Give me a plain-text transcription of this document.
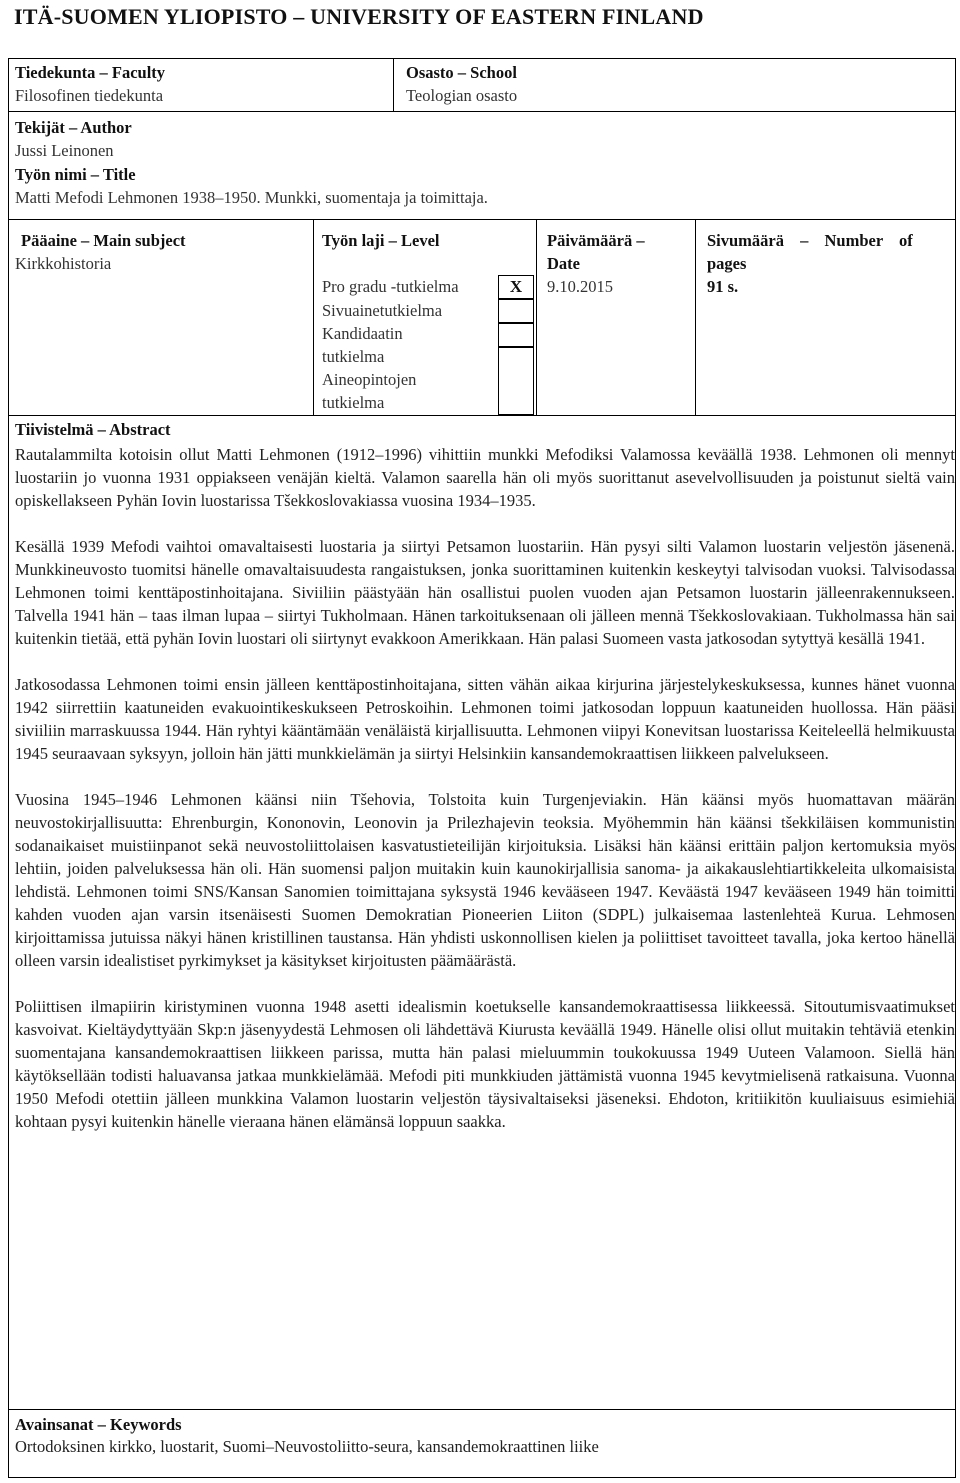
ITÄ-SUOMEN YLIOPISTO – UNIVERSITY OF EASTERN FINLAND
Tiedekunta – Faculty
Filosofinen tiedekunta
Osasto – School
Teologian osasto
Tekijät – Author
Jussi Leinonen
Työn nimi – Title
Matti Mefodi Lehmonen 1938–1950. Munkki, suomentaja ja toimittaja.
Pääaine – Main subject
Kirkkohistoria
Työn laji – Level
Pro gradu -tutkielma
Sivuainetutkielma
Kandidaatin tutkielma
Aineopintojen tutkielma
X
Päivämäärä –
Date
9.10.2015
Sivumäärä – Number of
pages
91 s.
Tiivistelmä – Abstract

Rautalammilta kotoisin ollut Matti Lehmonen (1912–1996) vihittiin munkki Mefodiksi Valamossa keväällä 1938. Lehmonen oli mennyt luostariin jo vuonna 1931 oppiakseen venäjän kieltä. Valamon saarella hän oli myös suorittanut asevelvollisuuden ja poistunut sieltä vain opiskellakseen Pyhän Iovin luostarissa Tšekkoslovakiassa vuosina 1934–1935.

Kesällä 1939 Mefodi vaihtoi omavaltaisesti luostaria ja siirtyi Petsamon luostariin. Hän pysyi silti Valamon luostarin veljestön jäsenenä. Munkkineuvosto tuomitsi hänelle omavaltaisuudesta rangaistuksen, jonka suorittaminen kuitenkin keskeytyi talvisodan vuoksi. Talvisodassa Lehmonen toimi kenttäpostinhoitajana. Siviiliin päästyään hän osallistui puolen vuoden ajan Petsamon luostarin jälleenrakennukseen. Talvella 1941 hän – taas ilman lupaa – siirtyi Tukholmaan. Hänen tarkoituksenaan oli jälleen mennä Tšekkoslovakiaan. Tukholmassa hän sai kuitenkin tietää, että pyhän Iovin luostari oli siirtynyt evakkoon Amerikkaan. Hän palasi Suomeen vasta jatkosodan sytyttyä kesällä 1941.

Jatkosodassa Lehmonen toimi ensin jälleen kenttäpostinhoitajana, sitten vähän aikaa kirjurina järjestelykeskuksessa, kunnes hänet vuonna 1942 siirrettiin kaatuneiden evakuointikeskukseen Petroskoihin. Lehmonen toimi jatkosodan loppuun kaatuneiden huollossa. Hän pääsi siviiliin marraskuussa 1944. Hän ryhtyi kääntämään venäläistä kirjallisuutta. Lehmonen viipyi Konevitsan luostarissa Keiteleellä helmikuusta 1945 seuraavaan syksyyn, jolloin hän jätti munkkielämän ja siirtyi Helsinkiin kansandemokraattisen liikkeen palvelukseen.

Vuosina 1945–1946 Lehmonen käänsi niin Tšehovia, Tolstoita kuin Turgenjeviakin. Hän käänsi myös huomattavan määrän neuvostokirjallisuutta: Ehrenburgin, Kononovin, Leonovin ja Prilezhajevin teoksia. Myöhemmin hän käänsi tšekkiläisen kommunistin sodanaikaiset muistiinpanot sekä neuvostoliittolaisen kasvatustieteilijän kirjoituksia. Lisäksi hän käänsi erittäin paljon kertomuksia myös lehtiin, joiden palveluksessa hän oli. Hän suomensi paljon muitakin kuin kaunokirjallisia sanoma- ja aikakauslehtiartikkeleita ulkomaisista lehdistä. Lehmonen toimi SNS/Kansan Sanomien toimittajana syksystä 1946 kevääseen 1947. Keväästä 1947 kevääseen 1949 hän toimitti kahden vuoden ajan varsin itsenäisesti Suomen Demokratian Pioneerien Liiton (SDPL) julkaisemaa lastenlehteä Kurua. Lehmosen kirjoittamissa jutuissa näkyi hänen kristillinen taustansa. Hän yhdisti uskonnollisen kielen ja poliittiset tavoitteet tavalla, joka kertoo hänellä olleen varsin idealistiset pyrkimykset ja käsitykset kirjoitusten päämäärästä.

Poliittisen ilmapiirin kiristyminen vuonna 1948 asetti idealismin koetukselle kansandemokraattisessa liikkeessä. Sitoutumisvaatimukset kasvoivat. Kieltäydyttyään Skp:n jäsenyydestä Lehmosen oli lähdettävä Kiurusta keväällä 1949. Hänelle olisi ollut muitakin tehtäviä etenkin suomentajana kansandemokraattisen liikkeen parissa, mutta hän palasi mieluummin toukokuussa 1949 Uuteen Valamoon. Siellä hän käytöksellään todisti haluavansa jatkaa munkkielämää. Mefodi piti munkkiuden jättämistä vuonna 1945 kevytmielisenä ratkaisuna. Vuonna 1950 Mefodi otettiin jälleen munkkina Valamon luostarin veljestön täysivaltaiseksi jäseneksi. Ehdoton, kritiikitön kuuliaisuus esimiehiä kohtaan pysyi kuitenkin hänelle vieraana hänen elämänsä loppuun saakka.

Avainsanat – Keywords
Ortodoksinen kirkko, luostarit, Suomi–Neuvostoliitto-seura, kansandemokraattinen liike
